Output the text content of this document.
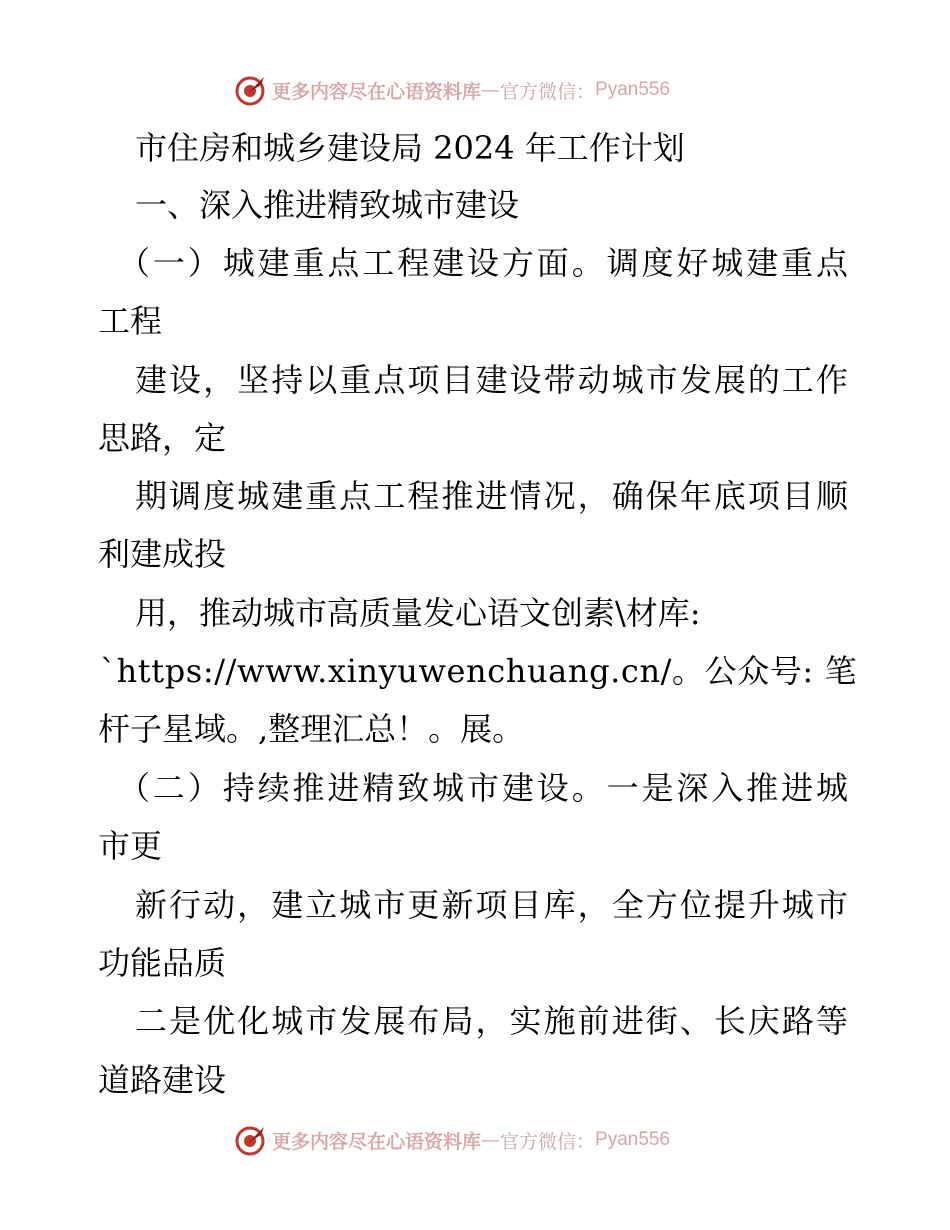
更多内容尽在心语资料库 — 官方微信： Pyan556
市住房和城乡建设局 2024 年工作计划
一、深入推进精致城市建设
（一）城建重点工程建设方面。调度好城建重点
工程
建设，坚持以重点项目建设带动城市发展的工作
思路，定
期调度城建重点工程推进情况，确保年底项目顺
利建成投
用，推动城市高质量发心语文创素\材库:
`https://www.xinyuwenchuang.cn/。公众号: 笔
杆子星域。,整理汇总！。展。
（二）持续推进精致城市建设。一是深入推进城
市更
新行动，建立城市更新项目库，全方位提升城市
功能品质
二是优化城市发展布局，实施前进街、长庆路等
道路建设
更多内容尽在心语资料库 — 官方微信： Pyan556
